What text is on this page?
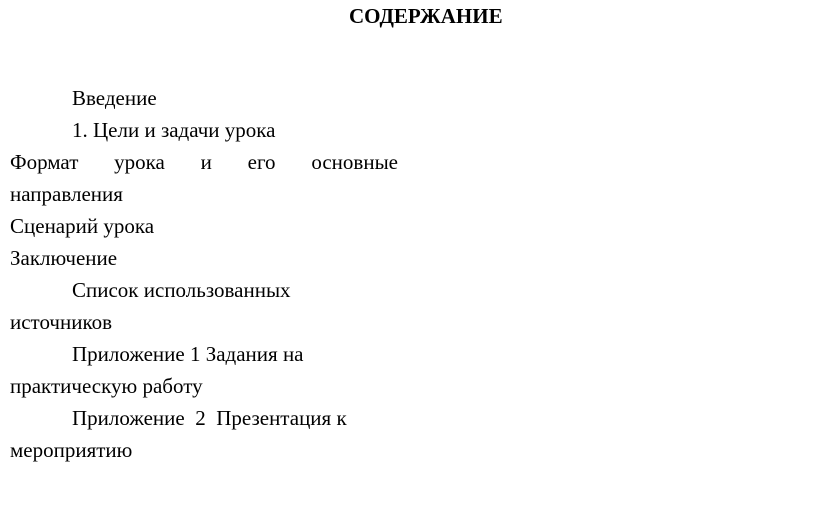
СОДЕРЖАНИЕ
Введение
1. Цели и задачи урока
Формат урока и его основные
направления
Сценарий урока
Заключение
Список использованных
источников
Приложение 1 Задания на
практическую работу
Приложение  2  Презентация к
мероприятию
